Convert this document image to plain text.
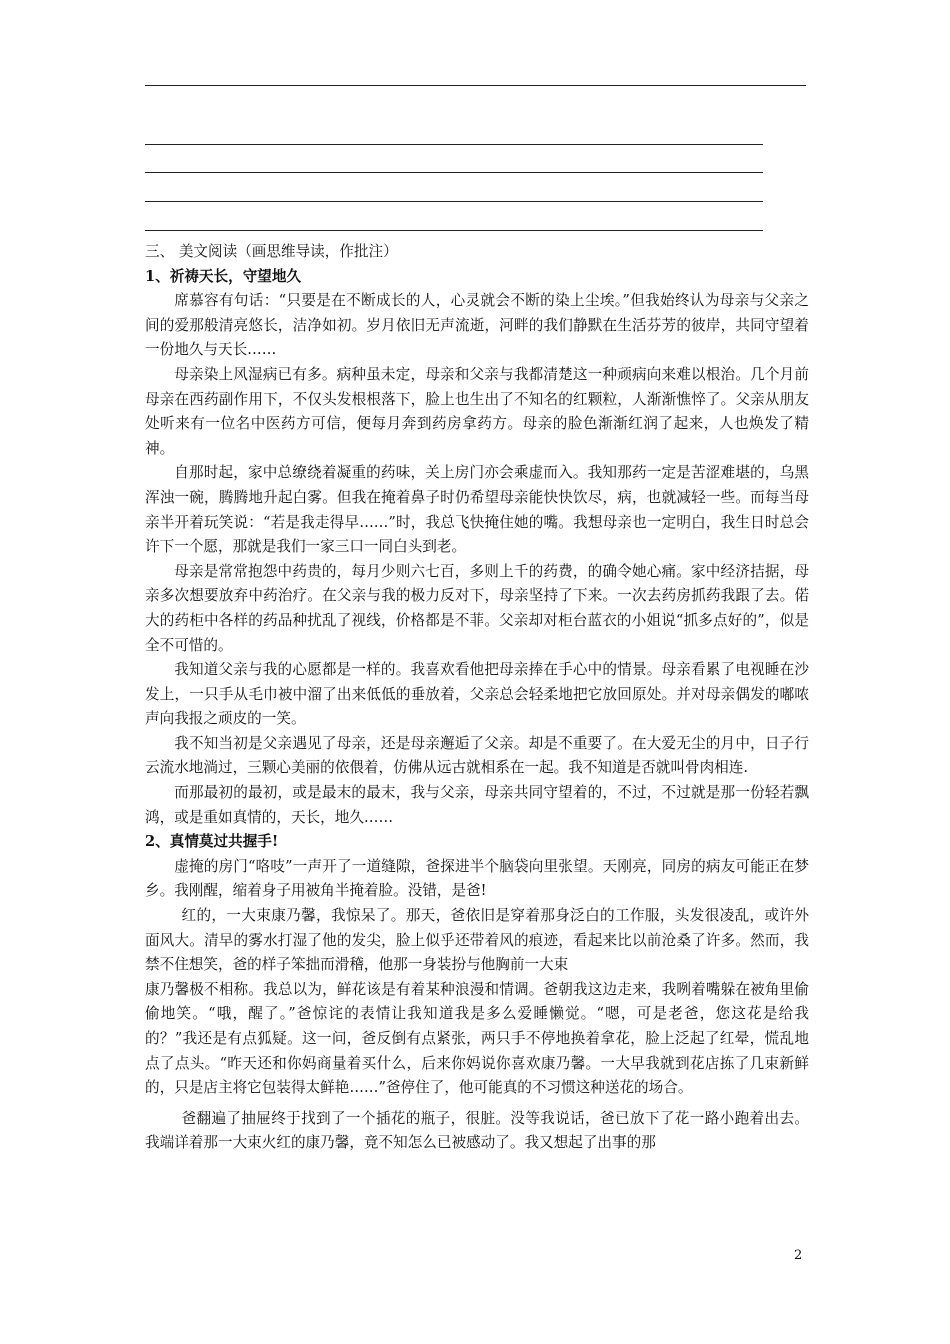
三、 美文阅读（画思维导读，作批注）

1、祈祷天长，守望地久

席慕容有句话：“只要是在不断成长的人，心灵就会不断的染上尘埃。”但我始终认为母亲与父亲之间的爱那般清亮悠长，洁净如初。岁月依旧无声流逝，河畔的我们静默在生活芬芳的彼岸，共同守望着一份地久与天长……

母亲染上风湿病已有多。病种虽未定，母亲和父亲与我都清楚这一种顽病向来难以根治。几个月前母亲在西药副作用下，不仅头发根根落下，脸上也生出了不知名的红颗粒，人渐渐憔悴了。父亲从朋友处听来有一位名中医药方可信，便每月奔到药房拿药方。母亲的脸色渐渐红润了起来，人也焕发了精神。

自那时起，家中总缭绕着凝重的药味，关上房门亦会乘虚而入。我知那药一定是苦涩难堪的，乌黑浑浊一碗，腾腾地升起白雾。但我在掩着鼻子时仍希望母亲能快快饮尽，病，也就减轻一些。而每当母亲半开着玩笑说：“若是我走得早……”时，我总飞快掩住她的嘴。我想母亲也一定明白，我生日时总会许下一个愿，那就是我们一家三口一同白头到老。

母亲是常常抱怨中药贵的，每月少则六七百，多则上千的药费，的确令她心痛。家中经济拮据，母亲多次想要放弃中药治疗。在父亲与我的极力反对下，母亲坚持了下来。一次去药房抓药我跟了去。偌大的药柜中各样的药品种扰乱了视线，价格都是不菲。父亲却对柜台蓝衣的小姐说“抓多点好的”，似是全不可惜的。

我知道父亲与我的心愿都是一样的。我喜欢看他把母亲捧在手心中的情景。母亲看累了电视睡在沙发上，一只手从毛巾被中溜了出来低低的垂放着，父亲总会轻柔地把它放回原处。并对母亲偶发的嘟哝声向我报之顽皮的一笑。

我不知当初是父亲遇见了母亲，还是母亲邂逅了父亲。却是不重要了。在大爱无尘的月中，日子行云流水地淌过，三颗心美丽的依偎着，仿佛从远古就相系在一起。我不知道是否就叫骨肉相连.

而那最初的最初，或是最末的最末，我与父亲，母亲共同守望着的，不过，不过就是那一份轻若飘鸿，或是重如真情的，天长，地久……

2、真情莫过共握手!

虚掩的房门“咯吱”一声开了一道缝隙，爸探进半个脑袋向里张望。天刚亮，同房的病友可能正在梦乡。我刚醒，缩着身子用被角半掩着脸。没错，是爸!

红的，一大束康乃馨，我惊呆了。那天，爸依旧是穿着那身泛白的工作服，头发很凌乱，或许外面风大。清早的雾水打湿了他的发尖，脸上似乎还带着风的痕迹，看起来比以前沧桑了许多。然而，我禁不住想笑，爸的样子笨拙而滑稽，他那一身装扮与他胸前一大束

康乃馨极不相称。我总以为，鲜花该是有着某种浪漫和情调。爸朝我这边走来，我咧着嘴躲在被角里偷偷地笑。“哦，醒了。”爸惊诧的表情让我知道我是多么爱睡懒觉。“嗯，可是老爸，您这花是给我的？”我还是有点狐疑。这一问，爸反倒有点紧张，两只手不停地换着拿花，脸上泛起了红晕，慌乱地点了点头。“昨天还和你妈商量着买什么，后来你妈说你喜欢康乃馨。一大早我就到花店拣了几束新鲜的，只是店主将它包装得太鲜艳……”爸停住了，他可能真的不习惯这种送花的场合。

爸翻遍了抽屉终于找到了一个插花的瓶子，很脏。没等我说话，爸已放下了花一路小跑着出去。我端详着那一大束火红的康乃馨，竟不知怎么已被感动了。我又想起了出事的那

2
